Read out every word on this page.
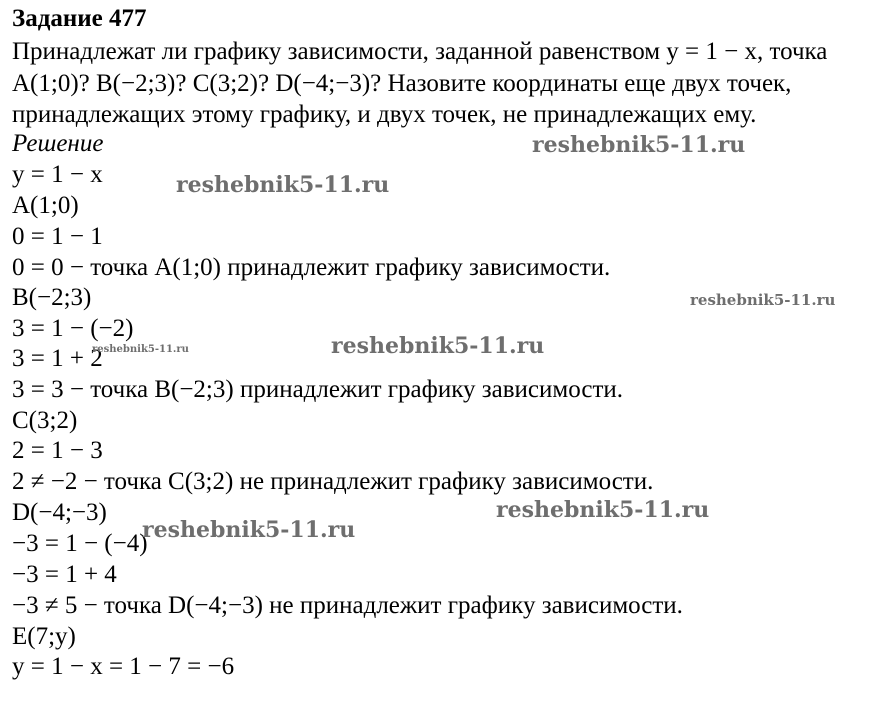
Задание 477
Принадлежат ли графику зависимости, заданной равенством y = 1 − x, точка
A(1;0)? B(−2;3)? C(3;2)? D(−4;−3)? Назовите координаты еще двух точек,
принадлежащих этому графику, и двух точек, не принадлежащих ему.
Решение
y = 1 − x
A(1;0)
0 = 1 − 1
0 = 0 − точка A(1;0) принадлежит графику зависимости.
B(−2;3)
3 = 1 − (−2)
3 = 1 + 2
3 = 3 − точка B(−2;3) принадлежит графику зависимости.
C(3;2)
2 = 1 − 3
2 ≠ −2 − точка C(3;2) не принадлежит графику зависимости.
D(−4;−3)
−3 = 1 − (−4)
−3 = 1 + 4
−3 ≠ 5 − точка D(−4;−3) не принадлежит графику зависимости.
E(7;y)
y = 1 − x = 1 − 7 = −6
reshebnik5-11.ru
reshebnik5-11.ru
reshebnik5-11.ru
reshebnik5-11.ru
reshebnik5-11.ru
reshebnik5-11.ru
reshebnik5-11.ru
